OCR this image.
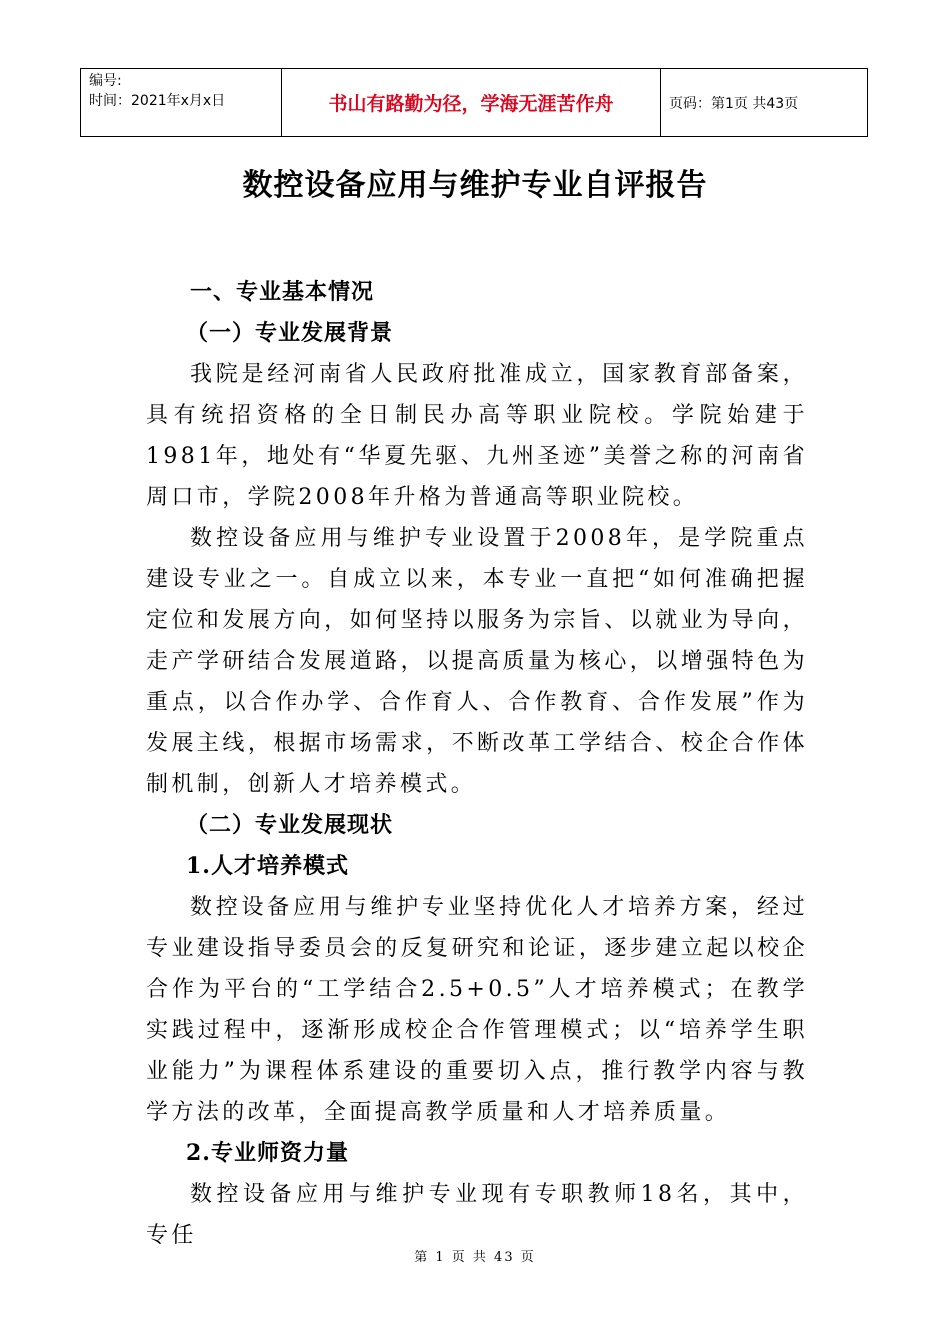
编号:
时间：2021年x月x日	书山有路勤为径，学海无涯苦作舟	页码：第1页 共43页
数控设备应用与维护专业自评报告

一、专业基本情况

（一）专业发展背景

我院是经河南省人民政府批准成立，国家教育部备案，具有统招资格的全日制民办高等职业院校。学院始建于1981年，地处有“华夏先驱、九州圣迹”美誉之称的河南省周口市，学院2008年升格为普通高等职业院校。

数控设备应用与维护专业设置于2008年，是学院重点建设专业之一。自成立以来，本专业一直把“如何准确把握定位和发展方向，如何坚持以服务为宗旨、以就业为导向，走产学研结合发展道路，以提高质量为核心，以增强特色为重点，以合作办学、合作育人、合作教育、合作发展”作为发展主线，根据市场需求，不断改革工学结合、校企合作体制机制，创新人才培养模式。

（二）专业发展现状

1.人才培养模式

数控设备应用与维护专业坚持优化人才培养方案，经过专业建设指导委员会的反复研究和论证，逐步建立起以校企合作为平台的“工学结合2.5+0.5”人才培养模式；在教学实践过程中，逐渐形成校企合作管理模式；以“培养学生职业能力”为课程体系建设的重要切入点，推行教学内容与教学方法的改革，全面提高教学质量和人才培养质量。

2.专业师资力量

数控设备应用与维护专业现有专职教师18名，其中，专任

第 1 页 共 43 页
